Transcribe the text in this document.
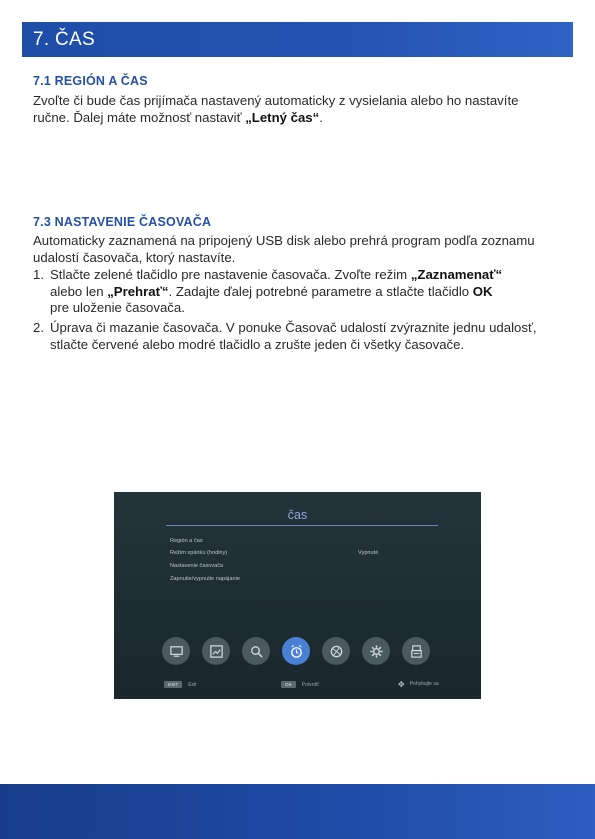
7. ČAS
7.1 REGIÓN A ČAS
Zvoľte či bude čas prijímača nastavený automaticky z vysielania alebo ho nastavíte
ručne. Ďalej máte možnosť nastaviť „Letný čas“.
7.3 NASTAVENIE ČASOVAČA
Automaticky zaznamená na pripojený USB disk alebo prehrá program podľa zoznamu
udalostí časovača, ktorý nastavíte.
1. Stlačte zelené tlačidlo pre nastavenie časovača. Zvoľte režim „Zaznamenať“
alebo len „Prehrať“. Zadajte ďalej potrebné parametre a stlačte tlačidlo OK
pre uloženie časovača.
2. Úprava či mazanie časovača. V ponuke Časovač udalostí zvýraznite jednu udalosť,
stlačte červené alebo modré tlačidlo a zrušte jeden či všetky časovače.
čas
Región a čas
Režim spánku (hodiny)	Vypnuté
Nastavenie časovača
Zapnutie/vypnutie napájanie
EXIT	Exit	OK	Potvrdiť	✥ Pohybujte sa
